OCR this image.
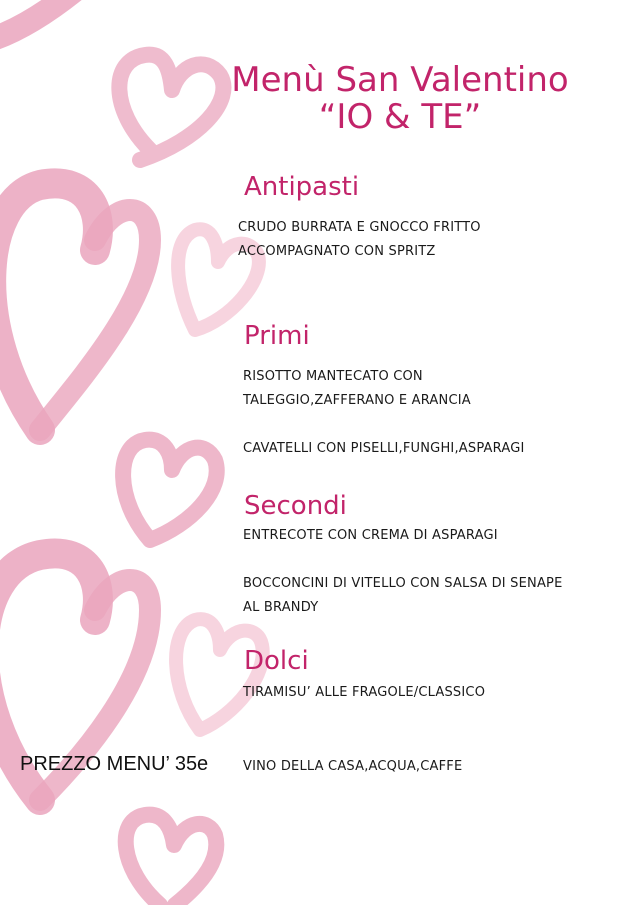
Menù San Valentino
“IO & TE”
Antipasti
CRUDO BURRATA E GNOCCO FRITTO
ACCOMPAGNATO CON SPRITZ
Primi
RISOTTO MANTECATO CON
TALEGGIO,ZAFFERANO E ARANCIA
CAVATELLI CON PISELLI,FUNGHI,ASPARAGI
Secondi
ENTRECOTE CON CREMA DI ASPARAGI
BOCCONCINI DI VITELLO CON SALSA DI SENAPE
AL BRANDY
Dolci
TIRAMISU’ ALLE FRAGOLE/CLASSICO
PREZZO MENU’ 35e	VINO DELLA CASA,ACQUA,CAFFE
